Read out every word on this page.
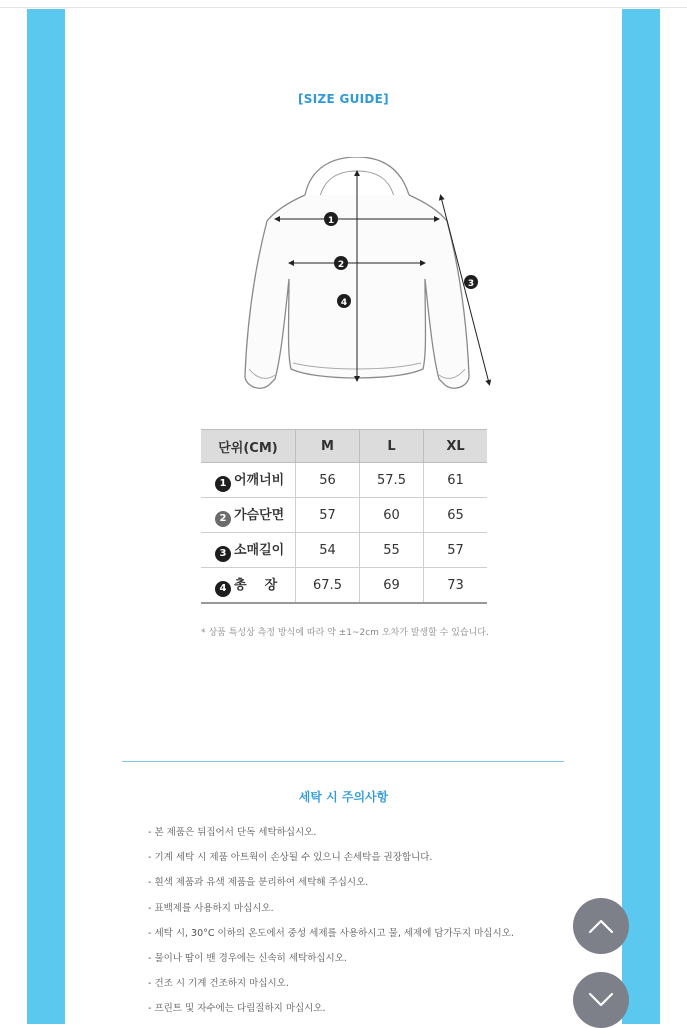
[SIZE GUIDE]
1
2
3
4
단위(CM)	M	L	XL
1 어깨너비	56	57.5	61
2 가슴단면	57	60	65
3 소매길이	54	55	57
4 총    장	67.5	69	73
* 상품 특성상 측정 방식에 따라 약 ±1~2cm 오차가 발생할 수 있습니다.
세탁 시 주의사항
- 본 제품은 뒤집어서 단독 세탁하십시오.
- 기계 세탁 시 제품 아트웍이 손상될 수 있으니 손세탁을 권장합니다.
- 흰색 제품과 유색 제품을 분리하여 세탁해 주십시오.
- 표백제를 사용하지 마십시오.
- 세탁 시, 30°C 이하의 온도에서 중성 세제를 사용하시고 물, 세제에 담가두지 마십시오.
- 물이나 땀이 밴 경우에는 신속히 세탁하십시오.
- 건조 시 기계 건조하지 마십시오.
- 프린트 및 자수에는 다림질하지 마십시오.
